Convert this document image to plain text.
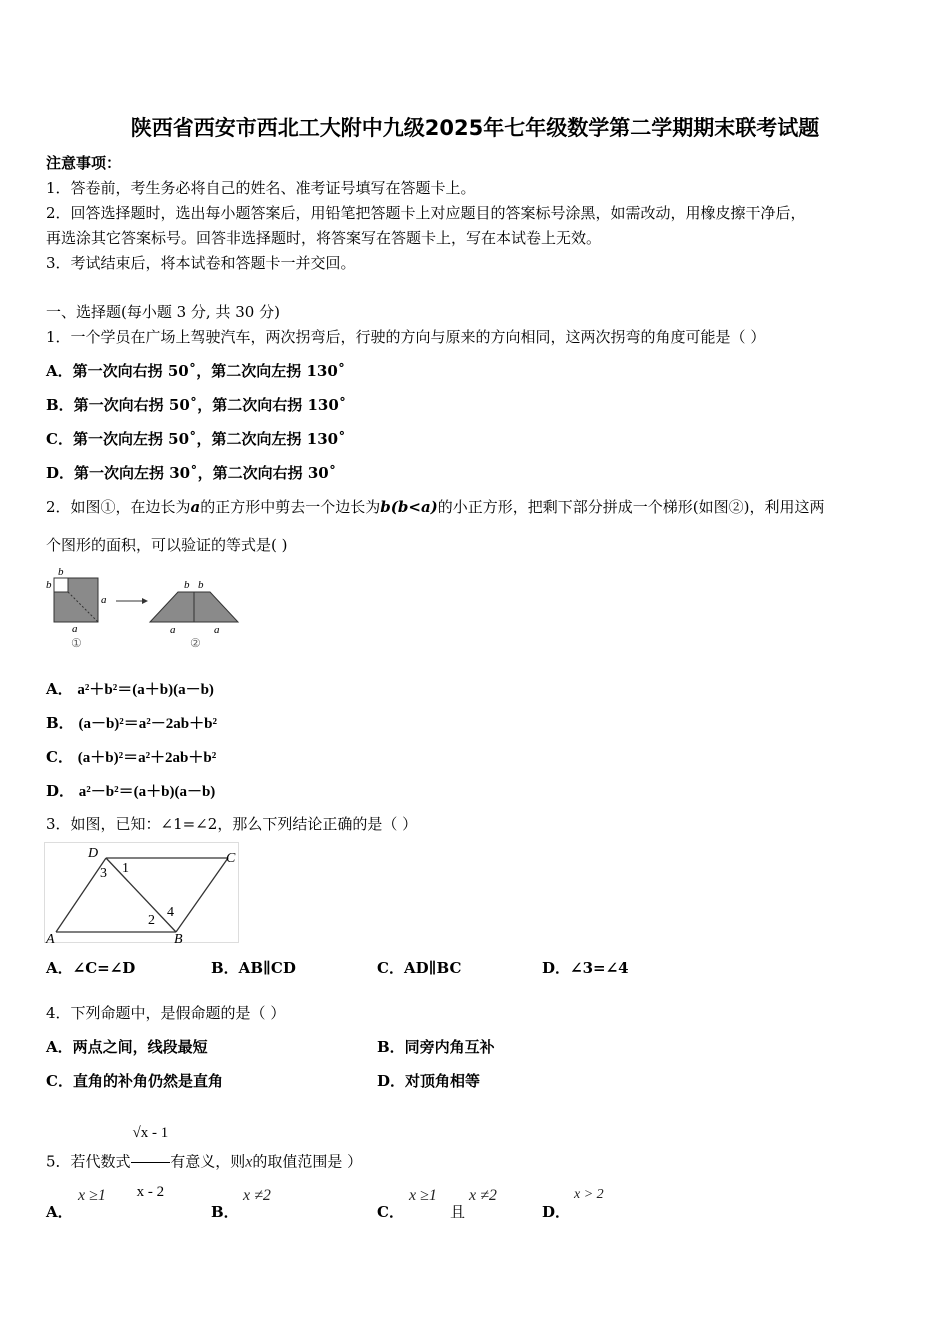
陕西省西安市西北工大附中九级2025年七年级数学第二学期期末联考试题
注意事项：
1．答卷前，考生务必将自己的姓名、准考证号填写在答题卡上。
2．回答选择题时，选出每小题答案后，用铅笔把答题卡上对应题目的答案标号涂黑，如需改动，用橡皮擦干净后，
再选涂其它答案标号。回答非选择题时，将答案写在答题卡上，写在本试卷上无效。
3．考试结束后，将本试卷和答题卡一并交回。
一、选择题(每小题 3 分, 共 30 分)
1．一个学员在广场上驾驶汽车，两次拐弯后，行驶的方向与原来的方向相同，这两次拐弯的角度可能是（ ）
A．第一次向右拐 50˚，第二次向左拐 130˚
B．第一次向右拐 50˚，第二次向右拐 130˚
C．第一次向左拐 50˚，第二次向左拐 130˚
D．第一次向左拐 30˚，第二次向右拐 30˚
2．如图①，在边长为a的正方形中剪去一个边长为b(b<a)的小正方形，把剩下部分拼成一个梯形(如图②)，利用这两
个图形的面积，可以验证的等式是( )
b
b
a
a
①
b b
a	a
②
A． a²＋b²＝(a＋b)(a－b)
B． (a－b)²＝a²－2ab＋b²
C． (a＋b)²＝a²＋2ab＋b²
D． a²－b²＝(a＋b)(a－b)
3．如图，已知：∠1=∠2，那么下列结论正确的是（ ）
A	B
C
D
1
2
3
4
A．∠C=∠D	B．AB∥CD	C．AD∥BC	D．∠3=∠4
4．下列命题中，是假命题的是（ ）
A．两点之间，线段最短	B．同旁内角互补
C．直角的补角仍然是直角	D．对顶角相等
5．若代数式 $\frac{√x - 1}{x - 2}$ 有意义，则x的取值范围是 ）
A．
x ≥1
B．
x ≠2
C．
x ≥1
且
x ≠2
D．
x > 2
